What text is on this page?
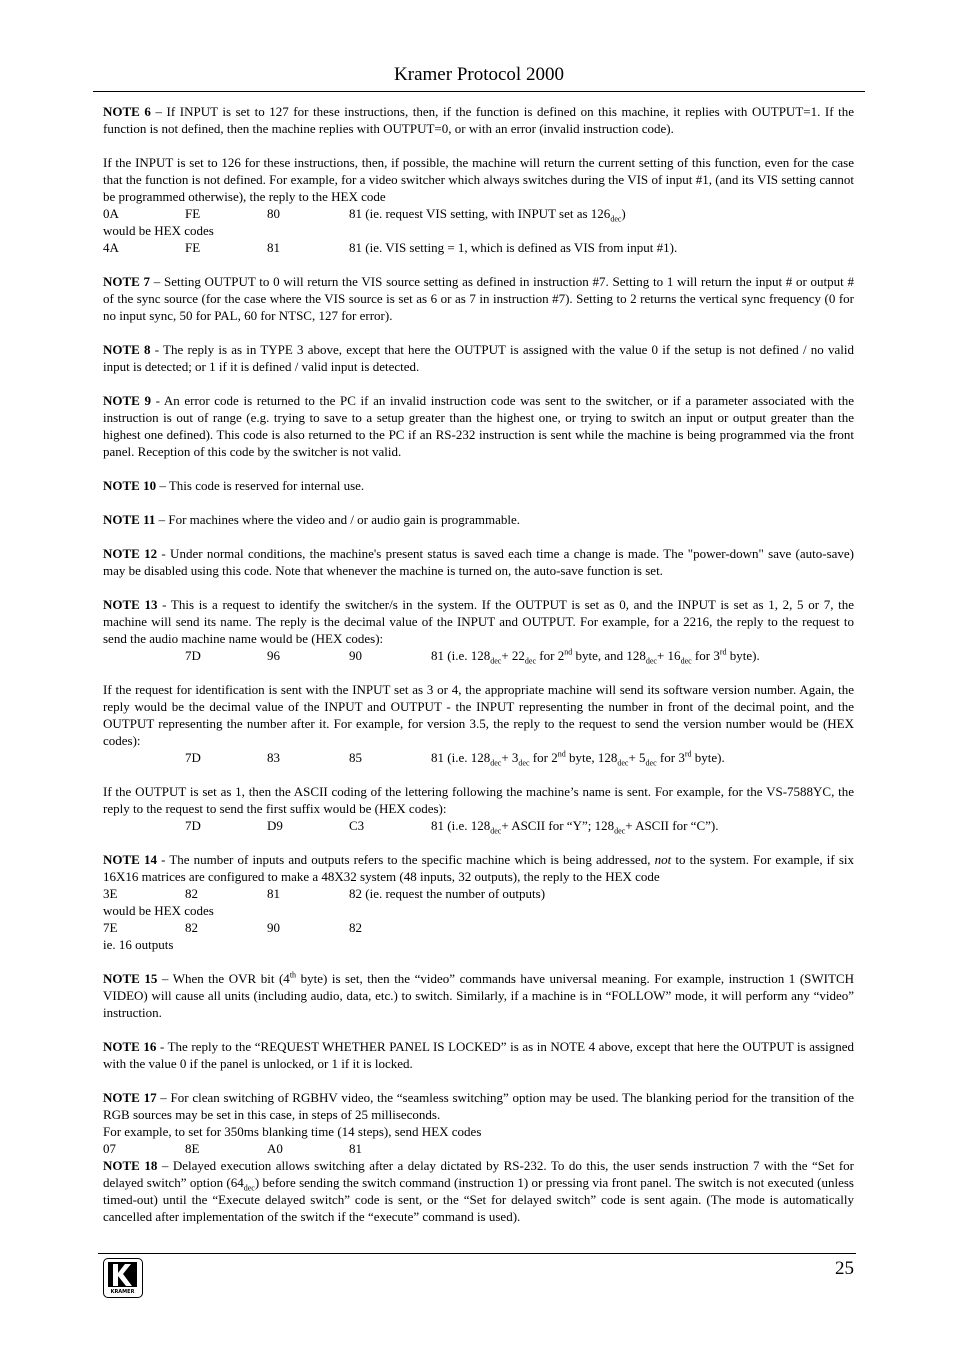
Kramer Protocol 2000
NOTE 6 – If INPUT is set to 127 for these instructions, then, if the function is defined on this machine, it replies with OUTPUT=1. If the function is not defined, then the machine replies with OUTPUT=0, or with an error (invalid instruction code).
If the INPUT is set to 126 for these instructions, then, if possible, the machine will return the current setting of this function, even for the case that the function is not defined. For example, for a video switcher which always switches during the VIS of input #1, (and its VIS setting cannot be programmed otherwise), the reply to the HEX code
0A	FE	80	81 (ie. request VIS setting, with INPUT set as $126_{dec}$)
would be HEX codes
4A	FE	81	81 (ie. VIS setting = 1, which is defined as VIS from input #1).
NOTE 7 – Setting OUTPUT to 0 will return the VIS source setting as defined in instruction #7. Setting to 1 will return the input # or output # of the sync source (for the case where the VIS source is set as 6 or as 7 in instruction #7). Setting to 2 returns the vertical sync frequency (0 for no input sync, 50 for PAL, 60 for NTSC, 127 for error).
NOTE 8 - The reply is as in TYPE 3 above, except that here the OUTPUT is assigned with the value 0 if the setup is not defined / no valid input is detected; or 1 if it is defined / valid input is detected.
NOTE 9 - An error code is returned to the PC if an invalid instruction code was sent to the switcher, or if a parameter associated with the instruction is out of range (e.g. trying to save to a setup greater than the highest one, or trying to switch an input or output greater than the highest one defined). This code is also returned to the PC if an RS-232 instruction is sent while the machine is being programmed via the front panel. Reception of this code by the switcher is not valid.
NOTE 10 – This code is reserved for internal use.
NOTE 11 – For machines where the video and / or audio gain is programmable.
NOTE 12 - Under normal conditions, the machine's present status is saved each time a change is made. The "power-down" save (auto-save) may be disabled using this code. Note that whenever the machine is turned on, the auto-save function is set.
NOTE 13 - This is a request to identify the switcher/s in the system. If the OUTPUT is set as 0, and the INPUT is set as 1, 2, 5 or 7, the machine will send its name. The reply is the decimal value of the INPUT and OUTPUT. For example, for a 2216, the reply to the request to send the audio machine name would be (HEX codes):
7D	96	90	81 (i.e. $128_{dec}+ 22_{dec}$ for 2nd byte, and $128_{dec}+ 16_{dec}$ for 3rd byte).
If the request for identification is sent with the INPUT set as 3 or 4, the appropriate machine will send its software version number. Again, the reply would be the decimal value of the INPUT and OUTPUT - the INPUT representing the number in front of the decimal point, and the OUTPUT representing the number after it. For example, for version 3.5, the reply to the request to send the version number would be (HEX codes):
7D	83	85	81 (i.e. $128_{dec}+ 3_{dec}$ for 2nd byte, $128_{dec}+ 5_{dec}$ for 3rd byte).
If the OUTPUT is set as 1, then the ASCII coding of the lettering following the machine’s name is sent. For example, for the VS-7588YC, the reply to the request to send the first suffix would be (HEX codes):
7D	D9	C3	81 (i.e. $128_{dec}+$ ASCII for “Y”; $128_{dec}+$ ASCII for “C”).
NOTE 14 - The number of inputs and outputs refers to the specific machine which is being addressed, not to the system. For example, if six 16X16 matrices are configured to make a 48X32 system (48 inputs, 32 outputs), the reply to the HEX code
3E	82	81	82 (ie. request the number of outputs)
would be HEX codes
7E	82	90	82
ie. 16 outputs
NOTE 15 – When the OVR bit (4th byte) is set, then the “video” commands have universal meaning. For example, instruction 1 (SWITCH VIDEO) will cause all units (including audio, data, etc.) to switch. Similarly, if a machine is in “FOLLOW” mode, it will perform any “video” instruction.
NOTE 16 - The reply to the “REQUEST WHETHER PANEL IS LOCKED” is as in NOTE 4 above, except that here the OUTPUT is assigned with the value 0 if the panel is unlocked, or 1 if it is locked.
NOTE 17 – For clean switching of RGBHV video, the “seamless switching” option may be used. The blanking period for the transition of the RGB sources may be set in this case, in steps of 25 milliseconds.
For example, to set for 350ms blanking time (14 steps), send HEX codes
07	8E	A0	81
NOTE 18 – Delayed execution allows switching after a delay dictated by RS-232. To do this, the user sends instruction 7 with the “Set for delayed switch” option $(64_{dec})$ before sending the switch command (instruction 1) or pressing via front panel. The switch is not executed (unless timed-out) until the “Execute delayed switch” code is sent, or the “Set for delayed switch” code is sent again. (The mode is automatically cancelled after implementation of the switch if the “execute” command is used).
KRAMER
25
